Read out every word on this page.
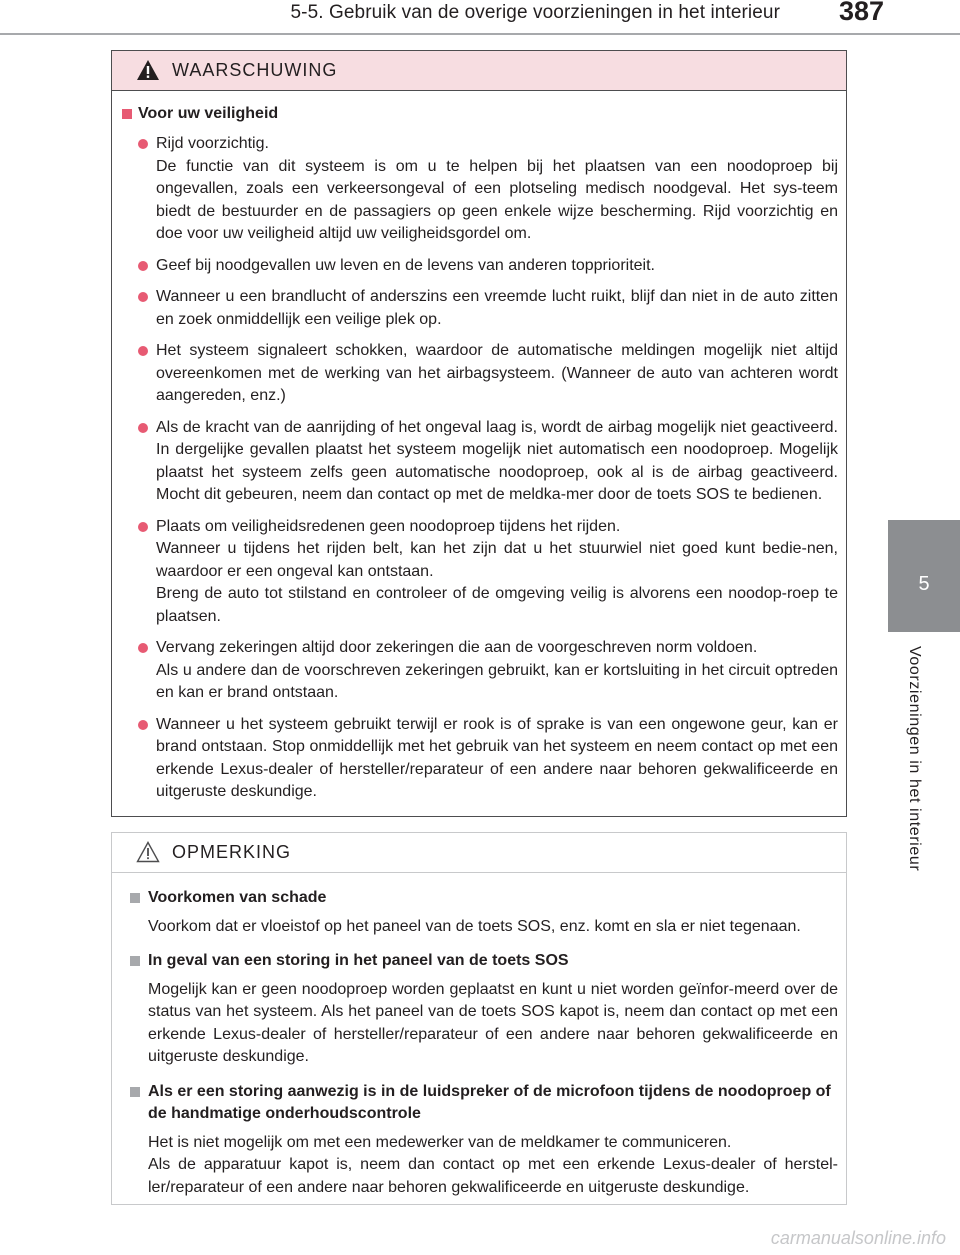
5-5. Gebruik van de overige voorzieningen in het interieur 387
5
Voorzieningen in het interieur
WAARSCHUWING
Voor uw veiligheid

Rijd voorzichtig.

De functie van dit systeem is om u te helpen bij het plaatsen van een noodoproep bij ongevallen, zoals een verkeersongeval of een plotseling medisch noodgeval. Het sys-teem biedt de bestuurder en de passagiers op geen enkele wijze bescherming. Rijd voorzichtig en doe voor uw veiligheid altijd uw veiligheidsgordel om.

Geef bij noodgevallen uw leven en de levens van anderen topprioriteit.

Wanneer u een brandlucht of anderszins een vreemde lucht ruikt, blijf dan niet in de auto zitten en zoek onmiddellijk een veilige plek op.

Het systeem signaleert schokken, waardoor de automatische meldingen mogelijk niet altijd overeenkomen met de werking van het airbagsysteem. (Wanneer de auto van achteren wordt aangereden, enz.)

Als de kracht van de aanrijding of het ongeval laag is, wordt de airbag mogelijk niet geactiveerd. In dergelijke gevallen plaatst het systeem mogelijk niet automatisch een noodoproep. Mogelijk plaatst het systeem zelfs geen automatische noodoproep, ook al is de airbag geactiveerd. Mocht dit gebeuren, neem dan contact op met de meldka-mer door de toets SOS te bedienen.

Plaats om veiligheidsredenen geen noodoproep tijdens het rijden.

Wanneer u tijdens het rijden belt, kan het zijn dat u het stuurwiel niet goed kunt bedie-nen, waardoor er een ongeval kan ontstaan.

Breng de auto tot stilstand en controleer of de omgeving veilig is alvorens een noodop-roep te plaatsen.

Vervang zekeringen altijd door zekeringen die aan de voorgeschreven norm voldoen.

Als u andere dan de voorschreven zekeringen gebruikt, kan er kortsluiting in het circuit optreden en kan er brand ontstaan.

Wanneer u het systeem gebruikt terwijl er rook is of sprake is van een ongewone geur, kan er brand ontstaan. Stop onmiddellijk met het gebruik van het systeem en neem contact op met een erkende Lexus-dealer of hersteller/reparateur of een andere naar behoren gekwalificeerde en uitgeruste deskundige.

OPMERKING
Voorkomen van schade

Voorkom dat er vloeistof op het paneel van de toets SOS, enz. komt en sla er niet tegenaan.

In geval van een storing in het paneel van de toets SOS

Mogelijk kan er geen noodoproep worden geplaatst en kunt u niet worden geïnfor-meerd over de status van het systeem. Als het paneel van de toets SOS kapot is, neem dan contact op met een erkende Lexus-dealer of hersteller/reparateur of een andere naar behoren gekwalificeerde en uitgeruste deskundige.

Als er een storing aanwezig is in de luidspreker of de microfoon tijdens de noodoproep of de handmatige onderhoudscontrole

Het is niet mogelijk om met een medewerker van de meldkamer te communiceren.

Als de apparatuur kapot is, neem dan contact op met een erkende Lexus-dealer of herstel-ler/reparateur of een andere naar behoren gekwalificeerde en uitgeruste deskundige.

carmanualsonline.info
